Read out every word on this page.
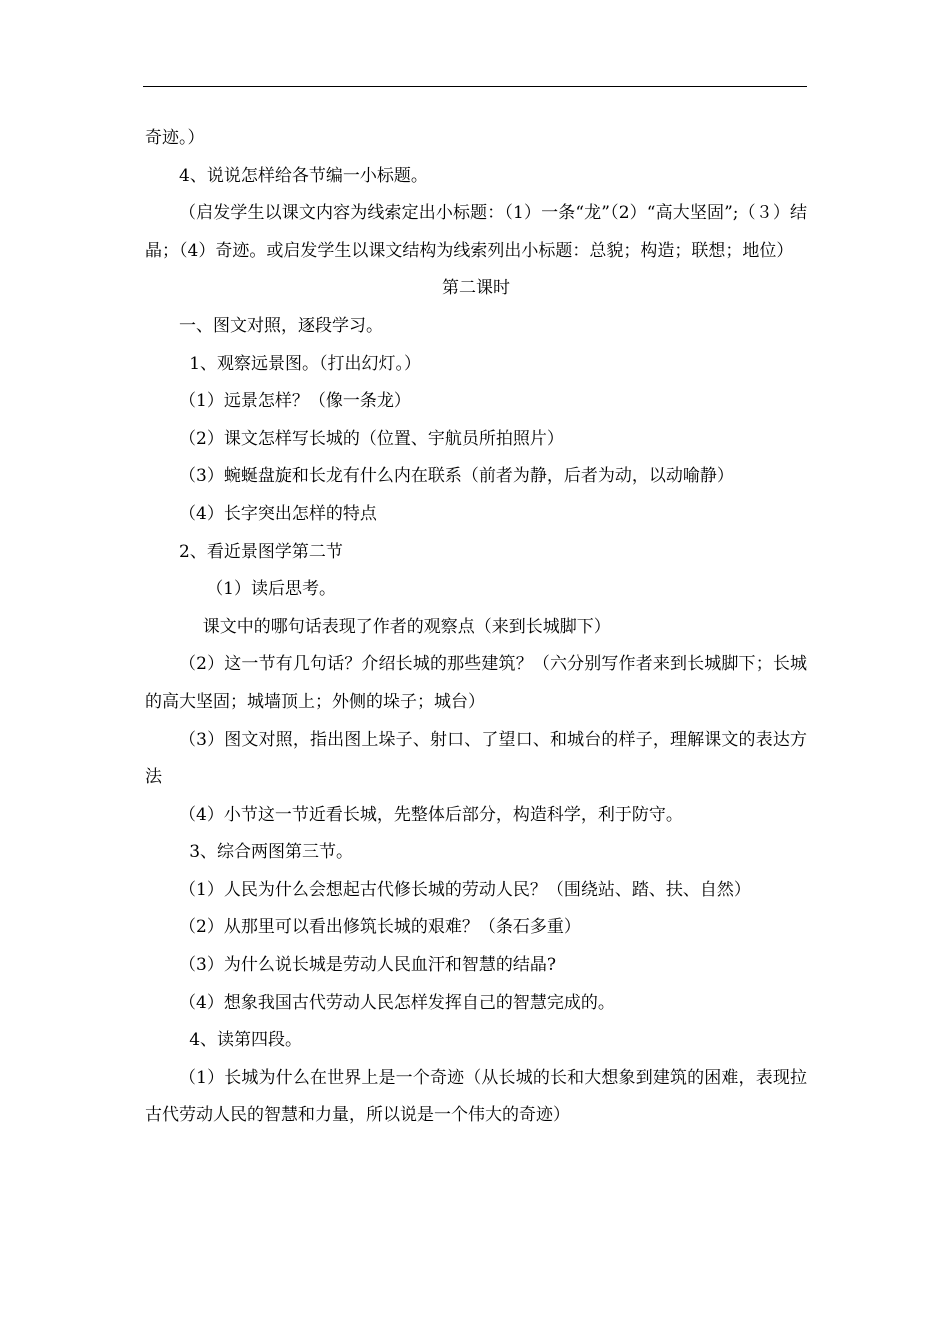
奇迹。）

4、说说怎样给各节编一小标题。

（启发学生以课文内容为线索定出小标题：（1）一条“龙”（2）“高大坚固”;（３）结晶；（4）奇迹。或启发学生以课文结构为线索列出小标题：总貌；构造；联想；地位）

第二课时

一、图文对照，逐段学习。

1、观察远景图。（打出幻灯。）

（1）远景怎样？（像一条龙）

（2）课文怎样写长城的（位置、宇航员所拍照片）

（3）蜿蜒盘旋和长龙有什么内在联系（前者为静，后者为动，以动喻静）

（4）长字突出怎样的特点

2、看近景图学第二节

（1）读后思考。

课文中的哪句话表现了作者的观察点（来到长城脚下）

（2）这一节有几句话？介绍长城的那些建筑？（六分别写作者来到长城脚下；长城的高大坚固；城墙顶上；外侧的垛子；城台）

（3）图文对照，指出图上垛子、射口、了望口、和城台的样子，理解课文的表达方法

（4）小节这一节近看长城，先整体后部分，构造科学，利于防守。

3、综合两图第三节。

（1）人民为什么会想起古代修长城的劳动人民？（围绕站、踏、扶、自然）

（2）从那里可以看出修筑长城的艰难？（条石多重）

（3）为什么说长城是劳动人民血汗和智慧的结晶?

（4）想象我国古代劳动人民怎样发挥自己的智慧完成的。

4、读第四段。

（1）长城为什么在世界上是一个奇迹（从长城的长和大想象到建筑的困难，表现拉古代劳动人民的智慧和力量，所以说是一个伟大的奇迹）
